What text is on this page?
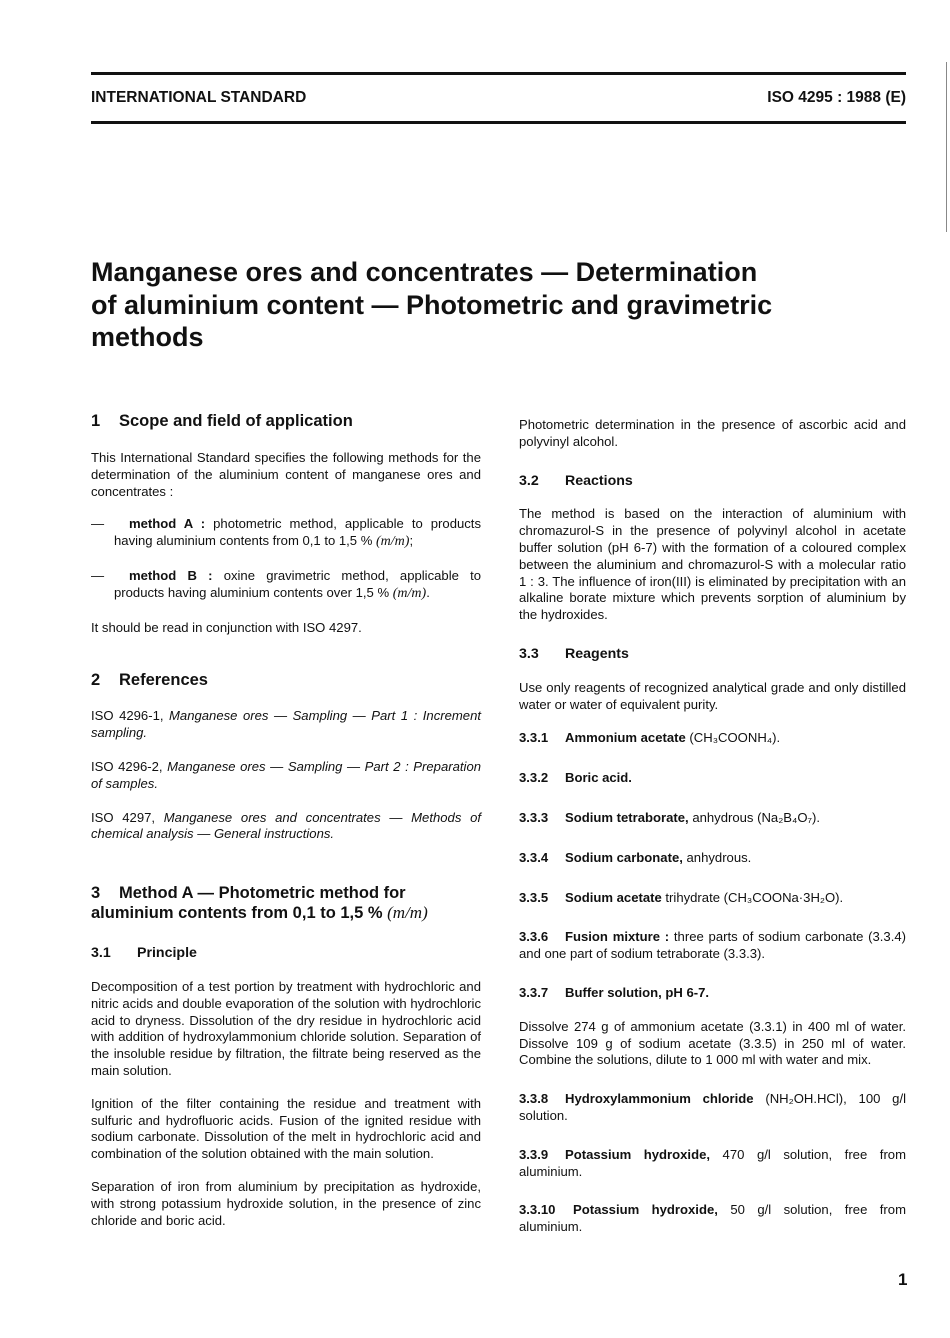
INTERNATIONAL STANDARD	ISO 4295 : 1988 (E)
Manganese ores and concentrates — Determination
of aluminium content — Photometric and gravimetric
methods
1 Scope and field of application

This International Standard specifies the following methods for the determination of the aluminium content of manganese ores and concentrates :

— method A : photometric method, applicable to products having aluminium contents from 0,1 to 1,5 % (m/m);

— method B : oxine gravimetric method, applicable to products having aluminium contents over 1,5 % (m/m).

It should be read in conjunction with ISO 4297.

2 References

ISO 4296-1, Manganese ores — Sampling — Part 1 : Increment sampling.

ISO 4296-2, Manganese ores — Sampling — Part 2 : Preparation of samples.

ISO 4297, Manganese ores and concentrates — Methods of chemical analysis — General instructions.

3 Method A — Photometric method for
aluminium contents from 0,1 to 1,5 % (m/m)
3.1 Principle

Decomposition of a test portion by treatment with hydrochloric and nitric acids and double evaporation of the solution with hydrochloric acid to dryness. Dissolution of the dry residue in hydrochloric acid with addition of hydroxylammonium chloride solution. Separation of the insoluble residue by filtration, the filtrate being reserved as the main solution.

Ignition of the filter containing the residue and treatment with sulfuric and hydrofluoric acids. Fusion of the ignited residue with sodium carbonate. Dissolution of the melt in hydrochloric acid and combination of the solution obtained with the main solution.

Separation of iron from aluminium by precipitation as hydroxide, with strong potassium hydroxide solution, in the presence of zinc chloride and boric acid.

Photometric determination in the presence of ascorbic acid and polyvinyl alcohol.

3.2 Reactions

The method is based on the interaction of aluminium with chromazurol-S in the presence of polyvinyl alcohol in acetate buffer solution (pH 6-7) with the formation of a coloured complex between the aluminium and chromazurol-S with a molecular ratio 1 : 3. The influence of iron(III) is eliminated by precipitation with an alkaline borate mixture which prevents sorption of aluminium by the hydroxides.

3.3 Reagents

Use only reagents of recognized analytical grade and only distilled water or water of equivalent purity.

3.3.1 Ammonium acetate (CH₃COONH₄).

3.3.2 Boric acid.

3.3.3 Sodium tetraborate, anhydrous (Na₂B₄O₇).

3.3.4 Sodium carbonate, anhydrous.

3.3.5 Sodium acetate trihydrate (CH₃COONa·3H₂O).

3.3.6 Fusion mixture : three parts of sodium carbonate (3.3.4) and one part of sodium tetraborate (3.3.3).

3.3.7 Buffer solution, pH 6-7.

Dissolve 274 g of ammonium acetate (3.3.1) in 400 ml of water. Dissolve 109 g of sodium acetate (3.3.5) in 250 ml of water. Combine the solutions, dilute to 1 000 ml with water and mix.

3.3.8 Hydroxylammonium chloride (NH₂OH.HCl), 100 g/l solution.

3.3.9 Potassium hydroxide, 470 g/l solution, free from aluminium.

3.3.10 Potassium hydroxide, 50 g/l solution, free from aluminium.

1
